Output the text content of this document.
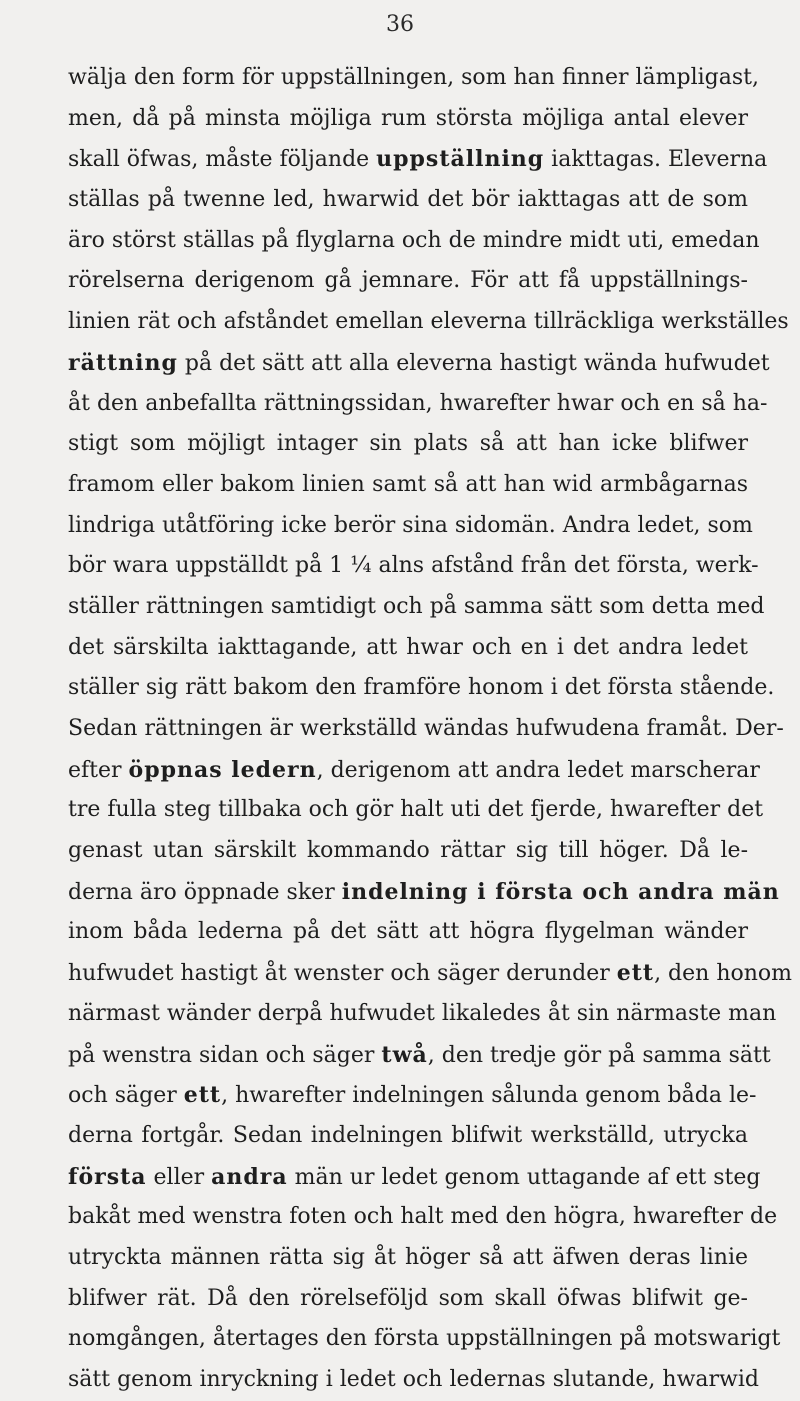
36
wälja den form för uppställningen, som han finner lämpligast,
men, då på minsta möjliga rum största möjliga antal elever
skall öfwas, måste följande uppställning iakttagas. Eleverna
ställas på twenne led, hwarwid det bör iakttagas att de som
äro störst ställas på flyglarna och de mindre midt uti, emedan
rörelserna derigenom gå jemnare. För att få uppställnings-
linien rät och afståndet emellan eleverna tillräckliga werkställes
rättning på det sätt att alla eleverna hastigt wända hufwudet
åt den anbefallta rättningssidan, hwarefter hwar och en så ha-
stigt som möjligt intager sin plats så att han icke blifwer
framom eller bakom linien samt så att han wid armbågarnas
lindriga utåtföring icke berör sina sidomän. Andra ledet, som
bör wara uppställdt på 1 ¼ alns afstånd från det första, werk-
ställer rättningen samtidigt och på samma sätt som detta med
det särskilta iakttagande, att hwar och en i det andra ledet
ställer sig rätt bakom den framföre honom i det första stående.
Sedan rättningen är werkställd wändas hufwudena framåt. Der-
efter öppnas ledern, derigenom att andra ledet marscherar
tre fulla steg tillbaka och gör halt uti det fjerde, hwarefter det
genast utan särskilt kommando rättar sig till höger. Då le-
derna äro öppnade sker indelning i första och andra män
inom båda lederna på det sätt att högra flygelman wänder
hufwudet hastigt åt wenster och säger derunder ett, den honom
närmast wänder derpå hufwudet likaledes åt sin närmaste man
på wenstra sidan och säger twå, den tredje gör på samma sätt
och säger ett, hwarefter indelningen sålunda genom båda le-
derna fortgår. Sedan indelningen blifwit werkställd, utrycka
första eller andra män ur ledet genom uttagande af ett steg
bakåt med wenstra foten och halt med den högra, hwarefter de
utryckta männen rätta sig åt höger så att äfwen deras linie
blifwer rät. Då den rörelseföljd som skall öfwas blifwit ge-
nomgången, återtages den första uppställningen på motswarigt
sätt genom inryckning i ledet och ledernas slutande, hwarwid
